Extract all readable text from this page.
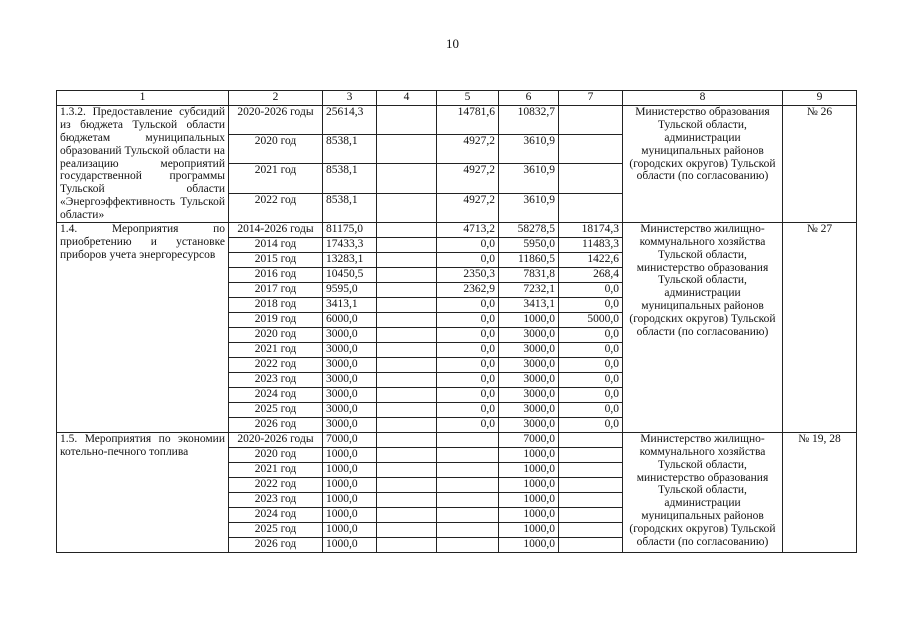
10
1	2	3	4	5	6	7	8	9
1.3.2. Предоставление субсидий из бюджета Тульской области бюджетам муниципальных образований Тульской области на реализацию мероприятий государственной программы Тульской области «Энергоэффективность Тульской области»	2020-2026 годы	25614,3		14781,6	10832,7		Министерство образования Тульской области, администрации муниципальных районов (городских округов) Тульской области (по согласованию)	№ 26
	2020 год	8538,1		4927,2	3610,9			
	2021 год	8538,1		4927,2	3610,9			
	2022 год	8538,1		4927,2	3610,9			
1.4. Мероприятия по приобретению и установке приборов учета энергоресурсов	2014-2026 годы	81175,0		4713,2	58278,5	18174,3	Министерство жилищно-коммунального хозяйства Тульской области, министерство образования Тульской области, администрации муниципальных районов (городских округов) Тульской области (по согласованию)	№ 27
	2014 год	17433,3		0,0	5950,0	11483,3		
	2015 год	13283,1		0,0	11860,5	1422,6		
	2016 год	10450,5		2350,3	7831,8	268,4		
	2017 год	9595,0		2362,9	7232,1	0,0		
	2018 год	3413,1		0,0	3413,1	0,0		
	2019 год	6000,0		0,0	1000,0	5000,0		
	2020 год	3000,0		0,0	3000,0	0,0		
	2021 год	3000,0		0,0	3000,0	0,0		
	2022 год	3000,0		0,0	3000,0	0,0		
	2023 год	3000,0		0,0	3000,0	0,0		
	2024 год	3000,0		0,0	3000,0	0,0		
	2025 год	3000,0		0,0	3000,0	0,0		
	2026 год	3000,0		0,0	3000,0	0,0		
1.5. Мероприятия по экономии котельно-печного топлива	2020-2026 годы	7000,0			7000,0		Министерство жилищно-коммунального хозяйства Тульской области, министерство образования Тульской области, администрации муниципальных районов (городских округов) Тульской области (по согласованию)	№ 19, 28
	2020 год	1000,0			1000,0			
	2021 год	1000,0			1000,0			
	2022 год	1000,0			1000,0			
	2023 год	1000,0			1000,0			
	2024 год	1000,0			1000,0			
	2025 год	1000,0			1000,0			
	2026 год	1000,0			1000,0			
